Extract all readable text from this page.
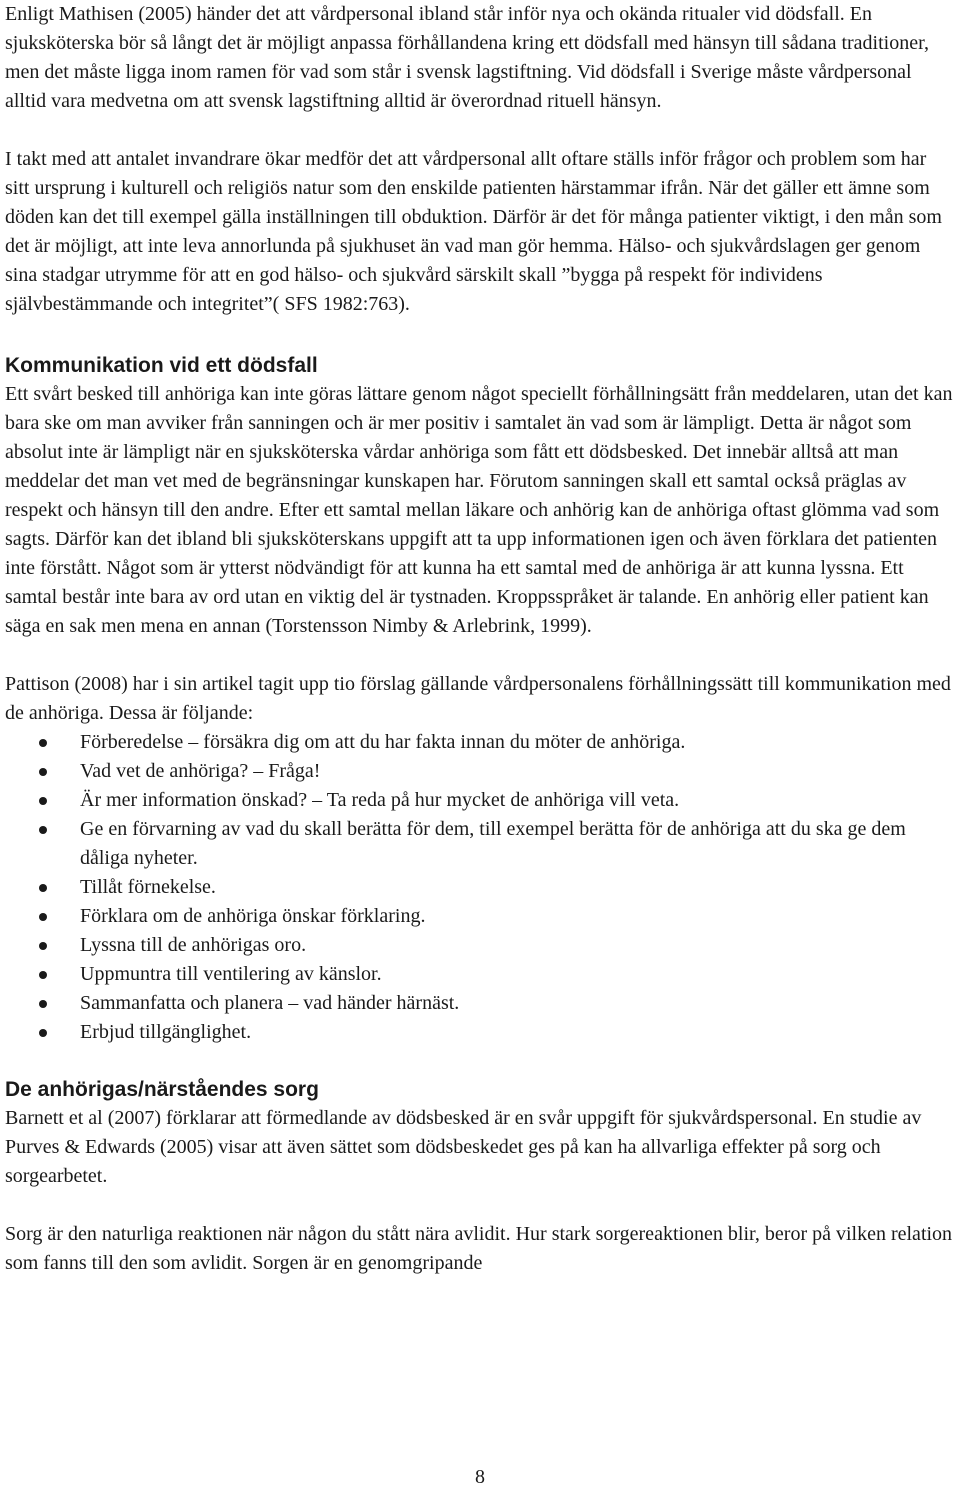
Enligt Mathisen (2005) händer det att vårdpersonal ibland står inför nya och okända ritualer vid dödsfall. En sjuksköterska bör så långt det är möjligt anpassa förhållandena kring ett dödsfall med hänsyn till sådana traditioner, men det måste ligga inom ramen för vad som står i svensk lagstiftning. Vid dödsfall i Sverige måste vårdpersonal alltid vara medvetna om att svensk lagstiftning alltid är överordnad rituell hänsyn.

I takt med att antalet invandrare ökar medför det att vårdpersonal allt oftare ställs inför frågor och problem som har sitt ursprung i kulturell och religiös natur som den enskilde patienten härstammar ifrån. När det gäller ett ämne som döden kan det till exempel gälla inställningen till obduktion. Därför är det för många patienter viktigt, i den mån som det är möjligt, att inte leva annorlunda på sjukhuset än vad man gör hemma. Hälso- och sjukvårdslagen ger genom sina stadgar utrymme för att en god hälso- och sjukvård särskilt skall ”bygga på respekt för individens självbestämmande och integritet”( SFS 1982:763).

Kommunikation vid ett dödsfall

Ett svårt besked till anhöriga kan inte göras lättare genom något speciellt förhållningsätt från meddelaren, utan det kan bara ske om man avviker från sanningen och är mer positiv i samtalet än vad som är lämpligt. Detta är något som absolut inte är lämpligt när en sjuksköterska vårdar anhöriga som fått ett dödsbesked. Det innebär alltså att man meddelar det man vet med de begränsningar kunskapen har. Förutom sanningen skall ett samtal också präglas av respekt och hänsyn till den andre. Efter ett samtal mellan läkare och anhörig kan de anhöriga oftast glömma vad som sagts. Därför kan det ibland bli sjuksköterskans uppgift att ta upp informationen igen och även förklara det patienten inte förstått. Något som är ytterst nödvändigt för att kunna ha ett samtal med de anhöriga är att kunna lyssna. Ett samtal består inte bara av ord utan en viktig del är tystnaden. Kroppsspråket är talande. En anhörig eller patient kan säga en sak men mena en annan (Torstensson Nimby & Arlebrink, 1999).

Pattison (2008) har i sin artikel tagit upp tio förslag gällande vårdpersonalens förhållningssätt till kommunikation med de anhöriga. Dessa är följande:

Förberedelse – försäkra dig om att du har fakta innan du möter de anhöriga.
Vad vet de anhöriga? – Fråga!
Är mer information önskad? – Ta reda på hur mycket de anhöriga vill veta.
Ge en förvarning av vad du skall berätta för dem, till exempel berätta för de anhöriga att du ska ge dem dåliga nyheter.
Tillåt förnekelse.
Förklara om de anhöriga önskar förklaring.
Lyssna till de anhörigas oro.
Uppmuntra till ventilering av känslor.
Sammanfatta och planera – vad händer härnäst.
Erbjud tillgänglighet.
De anhörigas/närståendes sorg

Barnett et al (2007) förklarar att förmedlande av dödsbesked är en svår uppgift för sjukvårdspersonal. En studie av Purves & Edwards (2005) visar att även sättet som dödsbeskedet ges på kan ha allvarliga effekter på sorg och sorgearbetet.

Sorg är den naturliga reaktionen när någon du stått nära avlidit. Hur stark sorgereaktionen blir, beror på vilken relation som fanns till den som avlidit. Sorgen är en genomgripande

8
